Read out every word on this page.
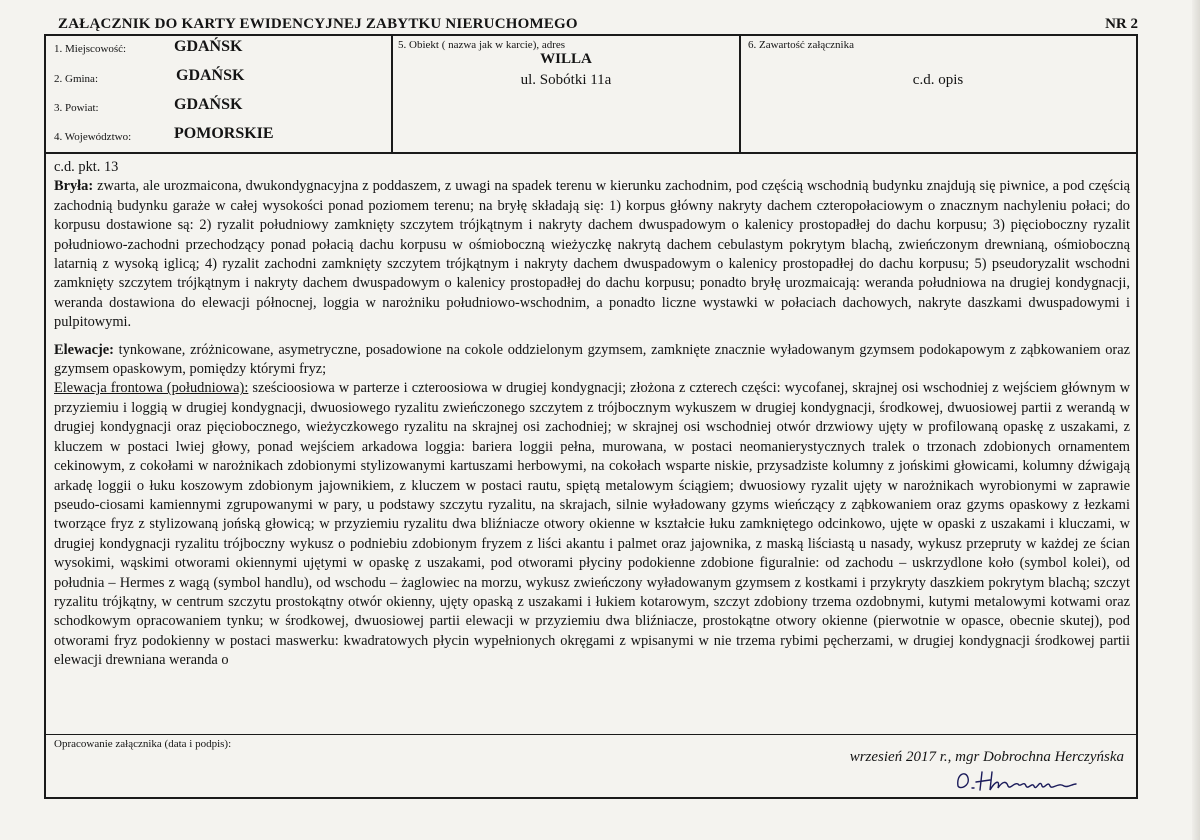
ZAŁĄCZNIK DO KARTY EWIDENCYJNEJ ZABYTKU NIERUCHOMEGO	NR 2
1. Miejscowość:	GDAŃSK
2. Gmina:	GDAŃSK
3. Powiat:	GDAŃSK
4. Województwo:	POMORSKIE
5. Obiekt ( nazwa jak w karcie), adres
WILLA
ul. Sobótki 11a
6. Zawartość załącznika
c.d. opis

c.d. pkt. 13

Bryła: zwarta, ale urozmaicona, dwukondygnacyjna z poddaszem, z uwagi na spadek terenu w kierunku zachodnim, pod częścią wschodnią budynku znajdują się piwnice, a pod częścią zachodnią budynku garaże w całej wysokości ponad poziomem terenu; na bryłę składają się: 1) korpus główny nakryty dachem czteropołaciowym o znacznym nachyleniu połaci; do korpusu dostawione są: 2) ryzalit południowy zamknięty szczytem trójkątnym i nakryty dachem dwuspadowym o kalenicy prostopadłej do dachu korpusu; 3) pięcioboczny ryzalit południowo-zachodni przechodzący ponad połacią dachu korpusu w ośmioboczną wieżyczkę nakrytą dachem cebulastym pokrytym blachą, zwieńczonym drewnianą, ośmioboczną latarnią z wysoką iglicą; 4) ryzalit zachodni zamknięty szczytem trójkątnym i nakryty dachem dwuspadowym o kalenicy prostopadłej do dachu korpusu; 5) pseudoryzalit wschodni zamknięty szczytem trójkątnym i nakryty dachem dwuspadowym o kalenicy prostopadłej do dachu korpusu; ponadto bryłę urozmaicają: weranda południowa na drugiej kondygnacji, weranda dostawiona do elewacji północnej, loggia w narożniku południowo-wschodnim, a ponadto liczne wystawki w połaciach dachowych, nakryte daszkami dwuspadowymi i pulpitowymi.

Elewacje: tynkowane, zróżnicowane, asymetryczne, posadowione na cokole oddzielonym gzymsem, zamknięte znacznie wyładowanym gzymsem podokapowym z ząbkowaniem oraz gzymsem opaskowym, pomiędzy którymi fryz;

Elewacja frontowa (południowa): sześcioosiowa w parterze i czteroosiowa w drugiej kondygnacji; złożona z czterech części: wycofanej, skrajnej osi wschodniej z wejściem głównym w przyziemiu i loggią w drugiej kondygnacji, dwuosiowego ryzalitu zwieńczonego szczytem z trójbocznym wykuszem w drugiej kondygnacji, środkowej, dwuosiowej partii z werandą w drugiej kondygnacji oraz pięciobocznego, wieżyczkowego ryzalitu na skrajnej osi zachodniej; w skrajnej osi wschodniej otwór drzwiowy ujęty w profilowaną opaskę z uszakami, z kluczem w postaci lwiej głowy, ponad wejściem arkadowa loggia: bariera loggii pełna, murowana, w postaci neomanierystycznych tralek o trzonach zdobionych ornamentem cekinowym, z cokołami w narożnikach zdobionymi stylizowanymi kartuszami herbowymi, na cokołach wsparte niskie, przysadziste kolumny z jońskimi głowicami, kolumny dźwigają arkadę loggii o łuku koszowym zdobionym jajownikiem, z kluczem w postaci rautu, spiętą metalowym ściągiem; dwuosiowy ryzalit ujęty w narożnikach wyrobionymi w zaprawie pseudo-ciosami kamiennymi zgrupowanymi w pary, u podstawy szczytu ryzalitu, na skrajach, silnie wyładowany gzyms wieńczący z ząbkowaniem oraz gzyms opaskowy z łezkami tworzące fryz z stylizowaną jońską głowicą; w przyziemiu ryzalitu dwa bliźniacze otwory okienne w kształcie łuku zamkniętego odcinkowo, ujęte w opaski z uszakami i kluczami, w drugiej kondygnacji ryzalitu trójboczny wykusz o podniebiu zdobionym fryzem z liści akantu i palmet oraz jajownika, z maską liściastą u nasady, wykusz przepruty w każdej ze ścian wysokimi, wąskimi otworami okiennymi ujętymi w opaskę z uszakami, pod otworami płyciny podokienne zdobione figuralnie: od zachodu – uskrzydlone koło (symbol kolei), od południa – Hermes z wagą (symbol handlu), od wschodu – żaglowiec na morzu, wykusz zwieńczony wyładowanym gzymsem z kostkami i przykryty daszkiem pokrytym blachą; szczyt ryzalitu trójkątny, w centrum szczytu prostokątny otwór okienny, ujęty opaską z uszakami i łukiem kotarowym, szczyt zdobiony trzema ozdobnymi, kutymi metalowymi kotwami oraz schodkowym opracowaniem tynku; w środkowej, dwuosiowej partii elewacji w przyziemiu dwa bliźniacze, prostokątne otwory okienne (pierwotnie w opasce, obecnie skutej), pod otworami fryz podokienny w postaci maswerku: kwadratowych płycin wypełnionych okręgami z wpisanymi w nie trzema rybimi pęcherzami, w drugiej kondygnacji środkowej partii elewacji drewniana weranda o

Opracowanie załącznika (data i podpis):
wrzesień 2017 r., mgr Dobrochna Herczyńska
